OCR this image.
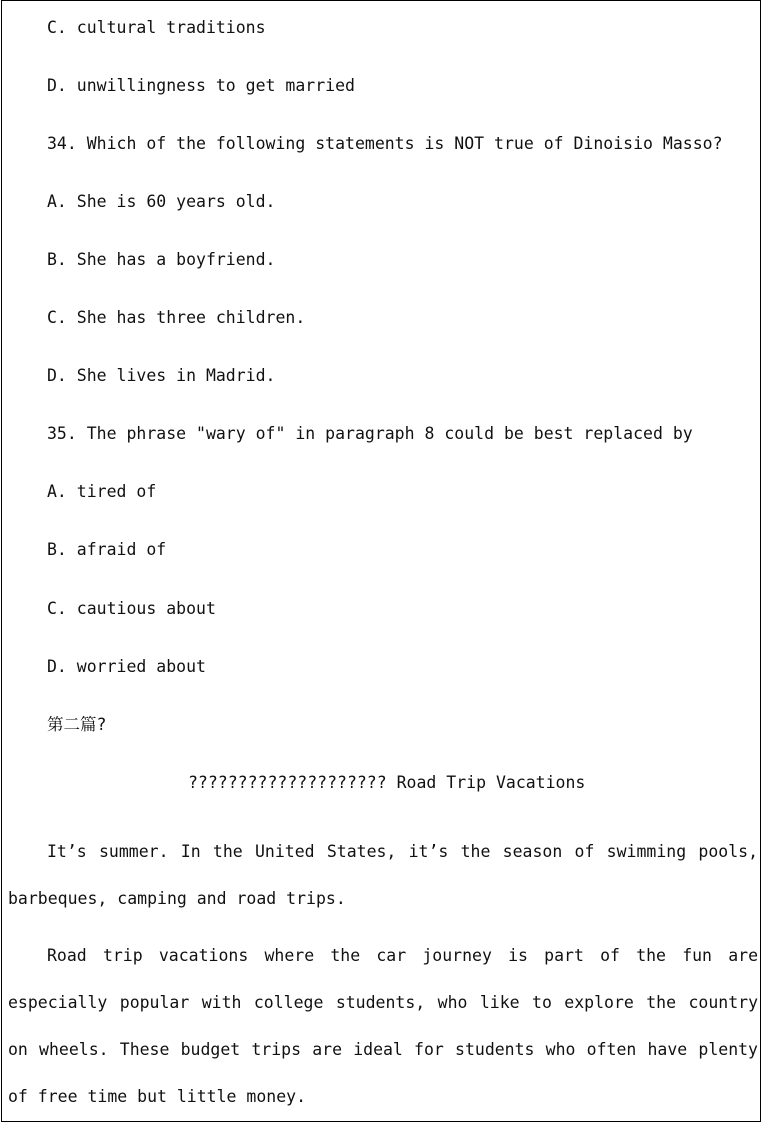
C. cultural traditions

D. unwillingness to get married

34. Which of the following statements is NOT true of Dinoisio Masso?

A. She is 60 years old.

B. She has a boyfriend.

C. She has three children.

D. She lives in Madrid.

35. The phrase "wary of" in paragraph 8 could be best replaced by

A. tired of

B. afraid of

C. cautious about

D. worried about

第二篇?

???????????????????? Road Trip Vacations

It’s summer. In the United States, it’s the season of swimming pools, barbeques, camping and road trips.

Road trip vacations where the car journey is part of the fun are especially popular with college students, who like to explore the country on wheels. These budget trips are ideal for students who often have plenty of free time but little money.
